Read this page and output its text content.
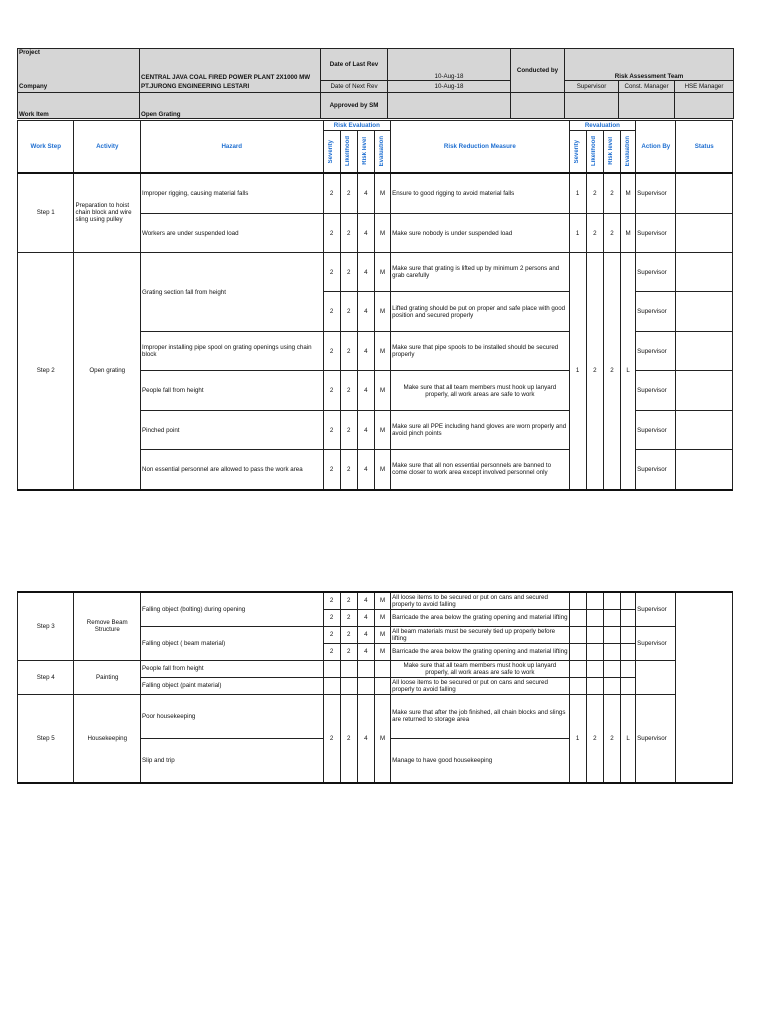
Project	CENTRAL JAVA COAL FIRED POWER PLANT 2X1000 MW	Date of Last Rev	10-Aug-18	Conducted by	Risk Assessment Team		

Company	PT.JURONG ENGINEERING LESTARI	Date of Next Rev	10-Aug-18		Supervisor	Const. Manager	HSE Manager
Work Item	Open Grating	Approved by SM					
Work Step	Activity	Hazard	Risk Evaluation				Risk Reduction Measure	Revaluation				Action By	Status

			Severity	Likelihood	Risk level	Evaluation		Severity	Likelihood	Risk level	Evaluation		

Step 1	Preparation to hoist chain block and wire sling using pulley	Improper rigging, causing material falls	2	2	4	M	Ensure to good rigging to avoid material falls	1	2	2	M	Supervisor	
		Workers are under suspended load	2	2	4	M	Make sure nobody is under suspended load	1	2	2	M	Supervisor	
Step 2	Open grating	Grating section fall from height	2	2	4	M	Make sure that grating is lifted up by minimum 2 persons and grab carefully	1	2	2	L	Supervisor	
			2	2	4	M	Lifted grating should be put on proper and safe place with good position and secured properly					Supervisor	
		Improper installing pipe spool on grating openings using chain block	2	2	4	M	Make sure that pipe spools to be installed should be secured properly					Supervisor	
		People fall from height	2	2	4	M	Make sure that all team members must hook up lanyard properly, all work areas are safe to work					Supervisor	
		Pinched point	2	2	4	M	Make sure all PPE including hand gloves are worn properly and avoid pinch points					Supervisor	
		Non essential personnel are allowed to pass the work area	2	2	4	M	Make sure that all non essential personnels are banned to come closer to work area except involved personnel only					Supervisor	
Step 3	Remove Beam Structure	Falling object (bolting) during opening	2	2	4	M	All loose items to be secured or put on cans and secured properly to avoid falling					Supervisor	
			2	2	4	M	Barricade the area below the grating opening and material lifting						
		Falling object ( beam material)	2	2	4	M	All beam materials must be securely tied up properly before lifting					Supervisor	
			2	2	4	M	Barricade the area below the grating opening and material lifting						
Step 4	Painting	People fall from height					Make sure that all team members must hook up lanyard properly, all work areas are safe to work						
		Falling object (paint material)					All loose items to be secured or put on cans and secured properly to avoid falling						
Step 5	Housekeeping	Poor housekeeping	2	2	4	M	Make sure that after the job finished, all chain blocks and slings are returned to storage area	1	2	2	L	Supervisor	
		Slip and trip					Manage to have good housekeeping						
